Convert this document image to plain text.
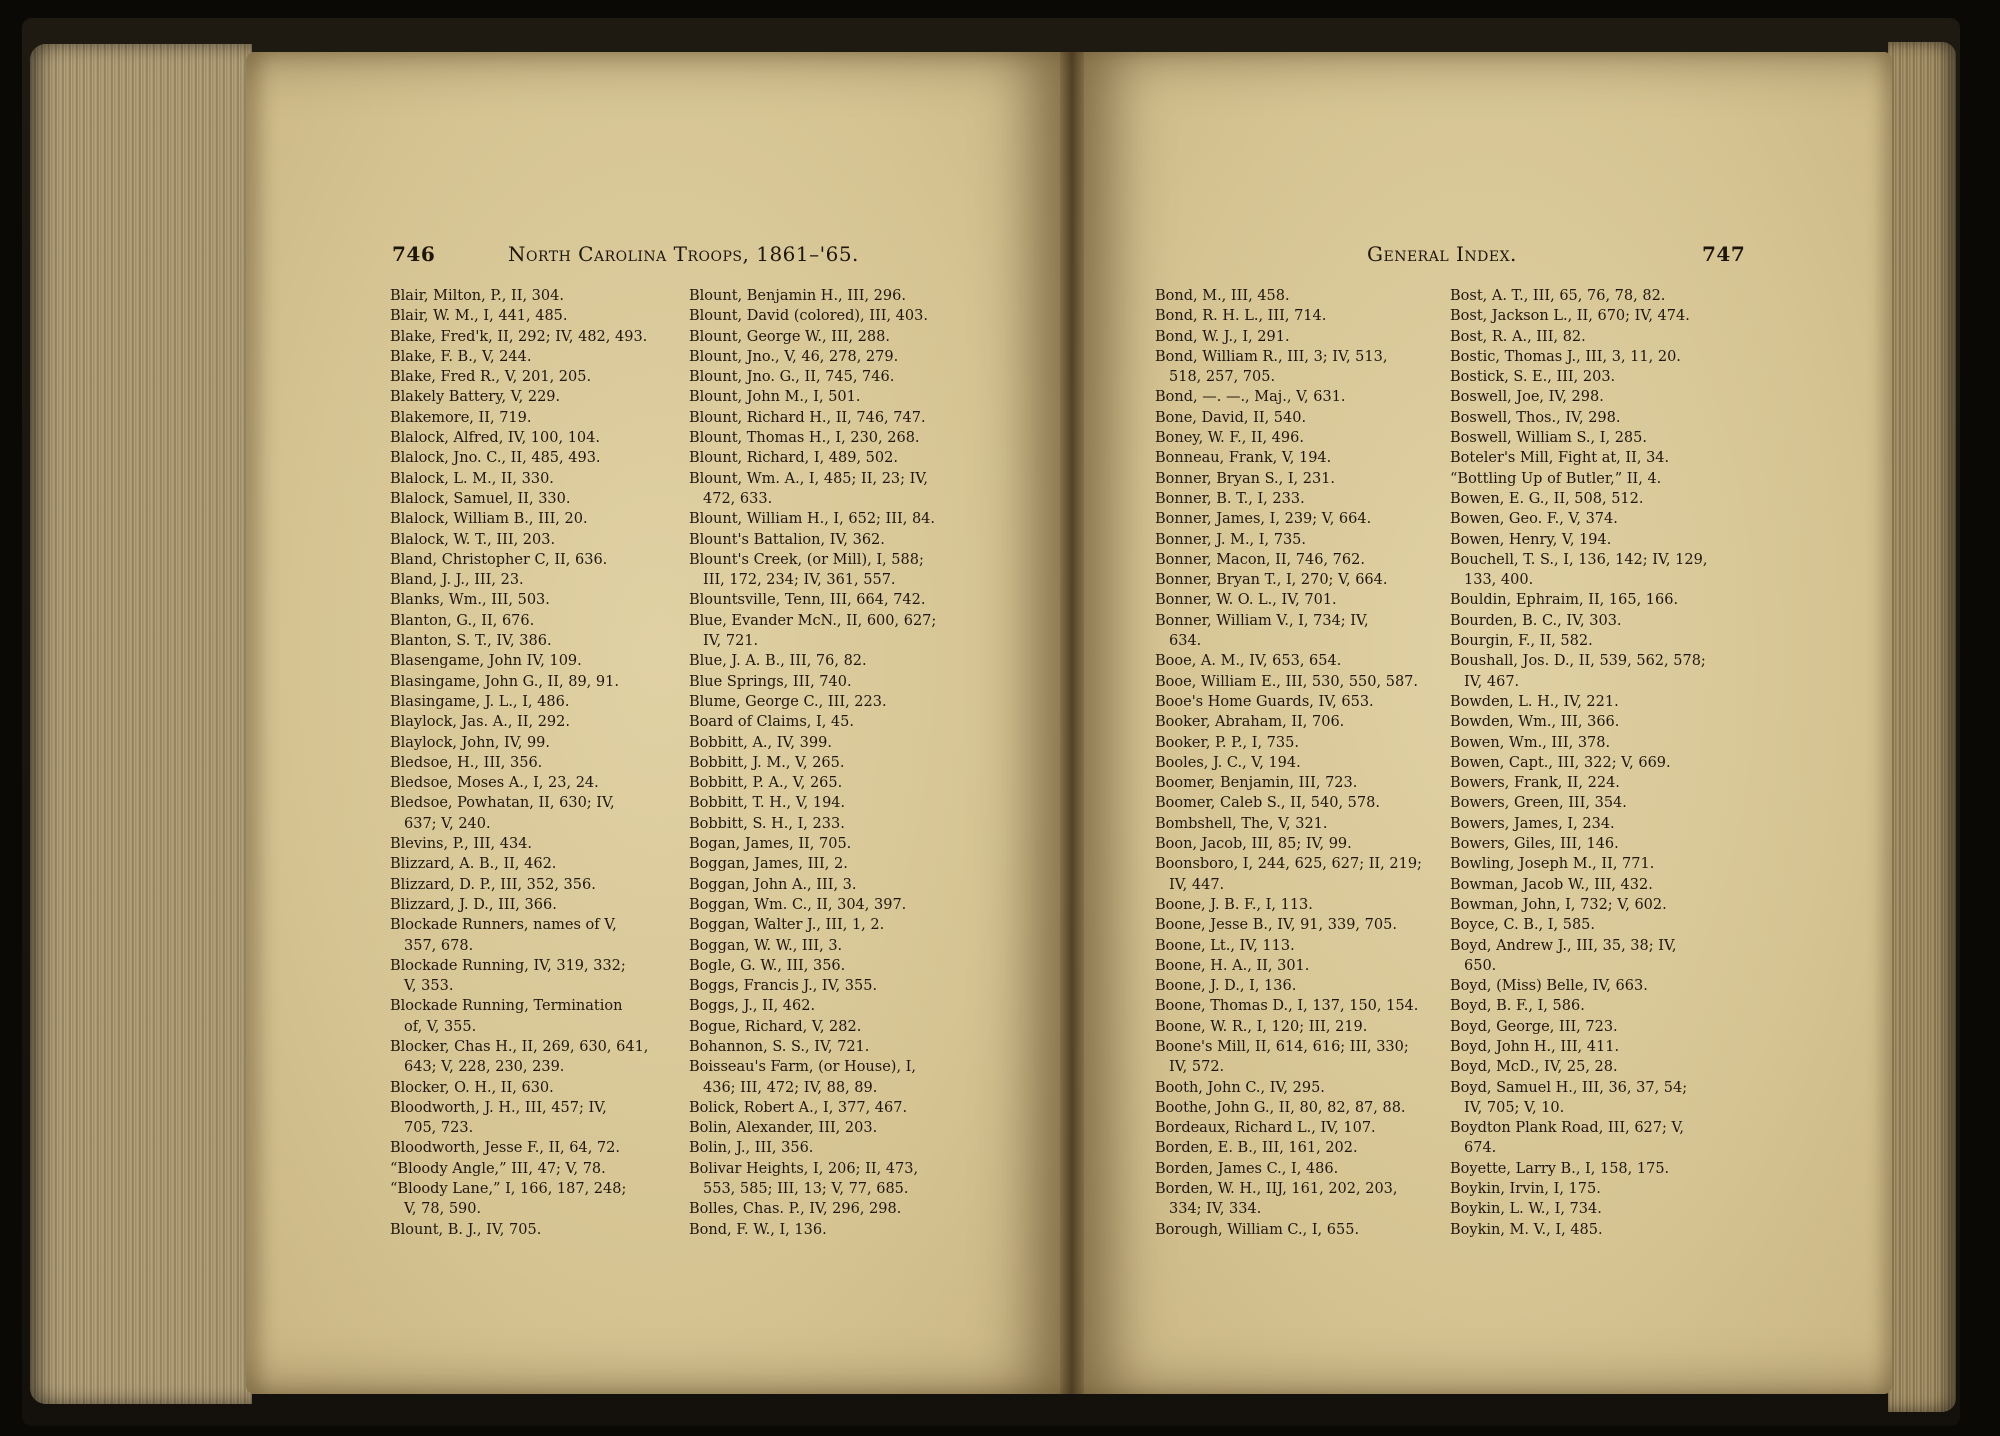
746	North Carolina Troops, 1861–'65.
Blair, Milton, P., II, 304.
Blair, W. M., I, 441, 485.
Blake, Fred'k, II, 292; IV, 482, 493.
Blake, F. B., V, 244.
Blake, Fred R., V, 201, 205.
Blakely Battery, V, 229.
Blakemore, II, 719.
Blalock, Alfred, IV, 100, 104.
Blalock, Jno. C., II, 485, 493.
Blalock, L. M., II, 330.
Blalock, Samuel, II, 330.
Blalock, William B., III, 20.
Blalock, W. T., III, 203.
Bland, Christopher C, II, 636.
Bland, J. J., III, 23.
Blanks, Wm., III, 503.
Blanton, G., II, 676.
Blanton, S. T., IV, 386.
Blasengame, John IV, 109.
Blasingame, John G., II, 89, 91.
Blasingame, J. L., I, 486.
Blaylock, Jas. A., II, 292.
Blaylock, John, IV, 99.
Bledsoe, H., III, 356.
Bledsoe, Moses A., I, 23, 24.
Bledsoe, Powhatan, II, 630; IV,
637; V, 240.
Blevins, P., III, 434.
Blizzard, A. B., II, 462.
Blizzard, D. P., III, 352, 356.
Blizzard, J. D., III, 366.
Blockade Runners, names of V,
357, 678.
Blockade Running, IV, 319, 332;
V, 353.
Blockade Running, Termination
of, V, 355.
Blocker, Chas H., II, 269, 630, 641,
643; V, 228, 230, 239.
Blocker, O. H., II, 630.
Bloodworth, J. H., III, 457; IV,
705, 723.
Bloodworth, Jesse F., II, 64, 72.
“Bloody Angle,” III, 47; V, 78.
“Bloody Lane,” I, 166, 187, 248;
V, 78, 590.
Blount, B. J., IV, 705.
Blount, Benjamin H., III, 296.
Blount, David (colored), III, 403.
Blount, George W., III, 288.
Blount, Jno., V, 46, 278, 279.
Blount, Jno. G., II, 745, 746.
Blount, John M., I, 501.
Blount, Richard H., II, 746, 747.
Blount, Thomas H., I, 230, 268.
Blount, Richard, I, 489, 502.
Blount, Wm. A., I, 485; II, 23; IV,
472, 633.
Blount, William H., I, 652; III, 84.
Blount's Battalion, IV, 362.
Blount's Creek, (or Mill), I, 588;
III, 172, 234; IV, 361, 557.
Blountsville, Tenn, III, 664, 742.
Blue, Evander McN., II, 600, 627;
IV, 721.
Blue, J. A. B., III, 76, 82.
Blue Springs, III, 740.
Blume, George C., III, 223.
Board of Claims, I, 45.
Bobbitt, A., IV, 399.
Bobbitt, J. M., V, 265.
Bobbitt, P. A., V, 265.
Bobbitt, T. H., V, 194.
Bobbitt, S. H., I, 233.
Bogan, James, II, 705.
Boggan, James, III, 2.
Boggan, John A., III, 3.
Boggan, Wm. C., II, 304, 397.
Boggan, Walter J., III, 1, 2.
Boggan, W. W., III, 3.
Bogle, G. W., III, 356.
Boggs, Francis J., IV, 355.
Boggs, J., II, 462.
Bogue, Richard, V, 282.
Bohannon, S. S., IV, 721.
Boisseau's Farm, (or House), I,
436; III, 472; IV, 88, 89.
Bolick, Robert A., I, 377, 467.
Bolin, Alexander, III, 203.
Bolin, J., III, 356.
Bolivar Heights, I, 206; II, 473,
553, 585; III, 13; V, 77, 685.
Bolles, Chas. P., IV, 296, 298.
Bond, F. W., I, 136.
General Index.	747
Bond, M., III, 458.
Bond, R. H. L., III, 714.
Bond, W. J., I, 291.
Bond, William R., III, 3; IV, 513,
518, 257, 705.
Bond, —. —., Maj., V, 631.
Bone, David, II, 540.
Boney, W. F., II, 496.
Bonneau, Frank, V, 194.
Bonner, Bryan S., I, 231.
Bonner, B. T., I, 233.
Bonner, James, I, 239; V, 664.
Bonner, J. M., I, 735.
Bonner, Macon, II, 746, 762.
Bonner, Bryan T., I, 270; V, 664.
Bonner, W. O. L., IV, 701.
Bonner, William V., I, 734; IV,
634.
Booe, A. M., IV, 653, 654.
Booe, William E., III, 530, 550, 587.
Booe's Home Guards, IV, 653.
Booker, Abraham, II, 706.
Booker, P. P., I, 735.
Booles, J. C., V, 194.
Boomer, Benjamin, III, 723.
Boomer, Caleb S., II, 540, 578.
Bombshell, The, V, 321.
Boon, Jacob, III, 85; IV, 99.
Boonsboro, I, 244, 625, 627; II, 219;
IV, 447.
Boone, J. B. F., I, 113.
Boone, Jesse B., IV, 91, 339, 705.
Boone, Lt., IV, 113.
Boone, H. A., II, 301.
Boone, J. D., I, 136.
Boone, Thomas D., I, 137, 150, 154.
Boone, W. R., I, 120; III, 219.
Boone's Mill, II, 614, 616; III, 330;
IV, 572.
Booth, John C., IV, 295.
Boothe, John G., II, 80, 82, 87, 88.
Bordeaux, Richard L., IV, 107.
Borden, E. B., III, 161, 202.
Borden, James C., I, 486.
Borden, W. H., IIJ, 161, 202, 203,
334; IV, 334.
Borough, William C., I, 655.
Bost, A. T., III, 65, 76, 78, 82.
Bost, Jackson L., II, 670; IV, 474.
Bost, R. A., III, 82.
Bostic, Thomas J., III, 3, 11, 20.
Bostick, S. E., III, 203.
Boswell, Joe, IV, 298.
Boswell, Thos., IV, 298.
Boswell, William S., I, 285.
Boteler's Mill, Fight at, II, 34.
“Bottling Up of Butler,” II, 4.
Bowen, E. G., II, 508, 512.
Bowen, Geo. F., V, 374.
Bowen, Henry, V, 194.
Bouchell, T. S., I, 136, 142; IV, 129,
133, 400.
Bouldin, Ephraim, II, 165, 166.
Bourden, B. C., IV, 303.
Bourgin, F., II, 582.
Boushall, Jos. D., II, 539, 562, 578;
IV, 467.
Bowden, L. H., IV, 221.
Bowden, Wm., III, 366.
Bowen, Wm., III, 378.
Bowen, Capt., III, 322; V, 669.
Bowers, Frank, II, 224.
Bowers, Green, III, 354.
Bowers, James, I, 234.
Bowers, Giles, III, 146.
Bowling, Joseph M., II, 771.
Bowman, Jacob W., III, 432.
Bowman, John, I, 732; V, 602.
Boyce, C. B., I, 585.
Boyd, Andrew J., III, 35, 38; IV,
650.
Boyd, (Miss) Belle, IV, 663.
Boyd, B. F., I, 586.
Boyd, George, III, 723.
Boyd, John H., III, 411.
Boyd, McD., IV, 25, 28.
Boyd, Samuel H., III, 36, 37, 54;
IV, 705; V, 10.
Boydton Plank Road, III, 627; V,
674.
Boyette, Larry B., I, 158, 175.
Boykin, Irvin, I, 175.
Boykin, L. W., I, 734.
Boykin, M. V., I, 485.
